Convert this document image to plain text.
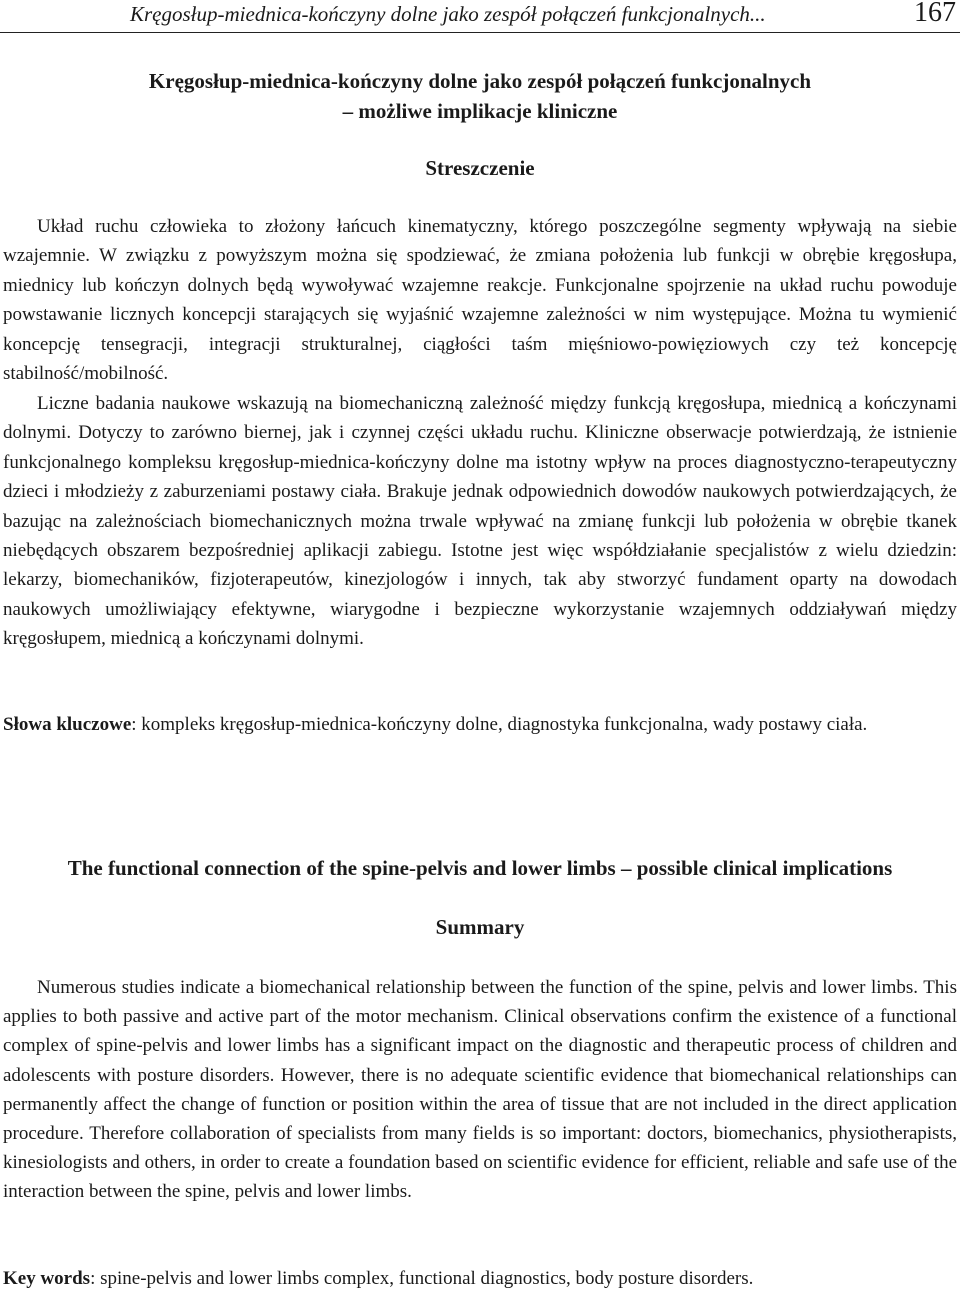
Kręgosłup-miednica-kończyny dolne jako zespół połączeń funkcjonalnych...	167
Kręgosłup-miednica-kończyny dolne jako zespół połączeń funkcjonalnych
– możliwe implikacje kliniczne
Streszczenie

Układ ruchu człowieka to złożony łańcuch kinematyczny, którego poszczególne segmenty wpływają na siebie wzajemnie. W związku z powyższym można się spodziewać, że zmiana położenia lub funkcji w obrębie kręgosłupa, miednicy lub kończyn dolnych będą wywoływać wzajemne reakcje. Funkcjonalne spojrzenie na układ ruchu powoduje powstawanie licznych koncepcji starających się wyjaśnić wzajemne zależności w nim występujące. Można tu wymienić koncepcję tensegracji, integracji strukturalnej, ciągłości taśm mięśniowo-powięziowych czy też koncepcję stabilność/mobilność.

Liczne badania naukowe wskazują na biomechaniczną zależność między funkcją kręgosłupa, miednicą a kończynami dolnymi. Dotyczy to zarówno biernej, jak i czynnej części układu ruchu. Kliniczne obserwacje potwierdzają, że istnienie funkcjonalnego kompleksu kręgosłup-miednica-kończyny dolne ma istotny wpływ na proces diagnostyczno-terapeutyczny dzieci i młodzieży z zaburzeniami postawy ciała. Brakuje jednak odpowiednich dowodów naukowych potwierdzających, że bazując na zależnościach biomechanicznych można trwale wpływać na zmianę funkcji lub położenia w obrębie tkanek niebędących obszarem bezpośredniej aplikacji zabiegu. Istotne jest więc współdziałanie specjalistów z wielu dziedzin: lekarzy, biomechaników, fizjoterapeutów, kinezjologów i innych, tak aby stworzyć fundament oparty na dowodach naukowych umożliwiający efektywne, wiarygodne i bezpieczne wykorzystanie wzajemnych oddziaływań między kręgosłupem, miednicą a kończynami dolnymi.

Słowa kluczowe: kompleks kręgosłup-miednica-kończyny dolne, diagnostyka funkcjonalna, wady postawy ciała.

The functional connection of the spine-pelvis and lower limbs – possible clinical implications
Summary

Numerous studies indicate a biomechanical relationship between the function of the spine, pelvis and lower limbs. This applies to both passive and active part of the motor mechanism. Clinical observations confirm the existence of a functional complex of spine-pelvis and lower limbs has a significant impact on the diagnostic and therapeutic process of children and adolescents with posture disorders. However, there is no adequate scientific evidence that biomechanical relationships can permanently affect the change of function or position within the area of tissue that are not included in the direct application procedure. Therefore collaboration of specialists from many fields is so important: doctors, biomechanics, physiotherapists, kinesiologists and others, in order to create a foundation based on scientific evidence for efficient, reliable and safe use of the interaction between the spine, pelvis and lower limbs.

Key words: spine-pelvis and lower limbs complex, functional diagnostics, body posture disorders.
